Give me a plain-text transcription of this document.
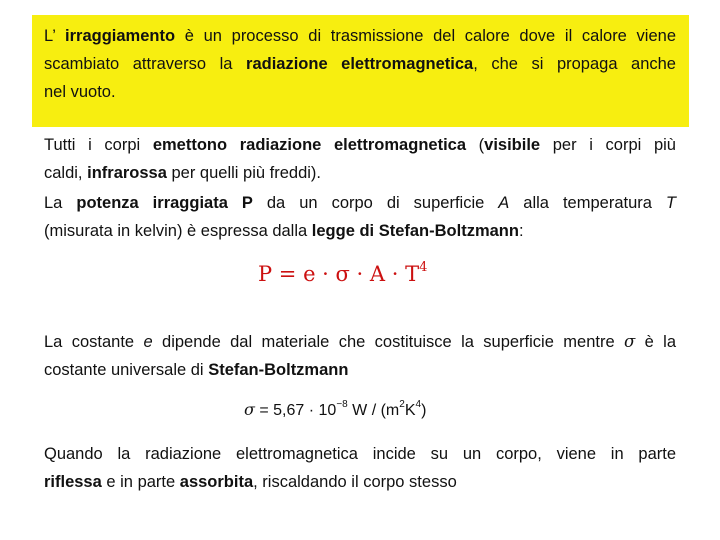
L’ irraggiamento è un processo di trasmissione del calore dove il calore viene scambiato attraverso la radiazione elettromagnetica, che si propaga anche
nel vuoto.

Tutti i corpi emettono radiazione elettromagnetica (visibile per i corpi più
caldi, infrarossa per quelli più freddi).

La potenza irraggiata P da un corpo di superficie A alla temperatura T
(misurata in kelvin) è espressa dalla legge di Stefan-Boltzmann:

$P = e \cdot \sigma \cdot A \cdot T^4$

La costante e dipende dal materiale che costituisce la superficie mentre σ è la
costante universale di Stefan-Boltzmann

$\sigma = 5,67 \cdot 10^{-8}$ W / $(m^2K^4)$

Quando la radiazione elettromagnetica incide su un corpo, viene in parte
riflessa e in parte assorbita, riscaldando il corpo stesso
